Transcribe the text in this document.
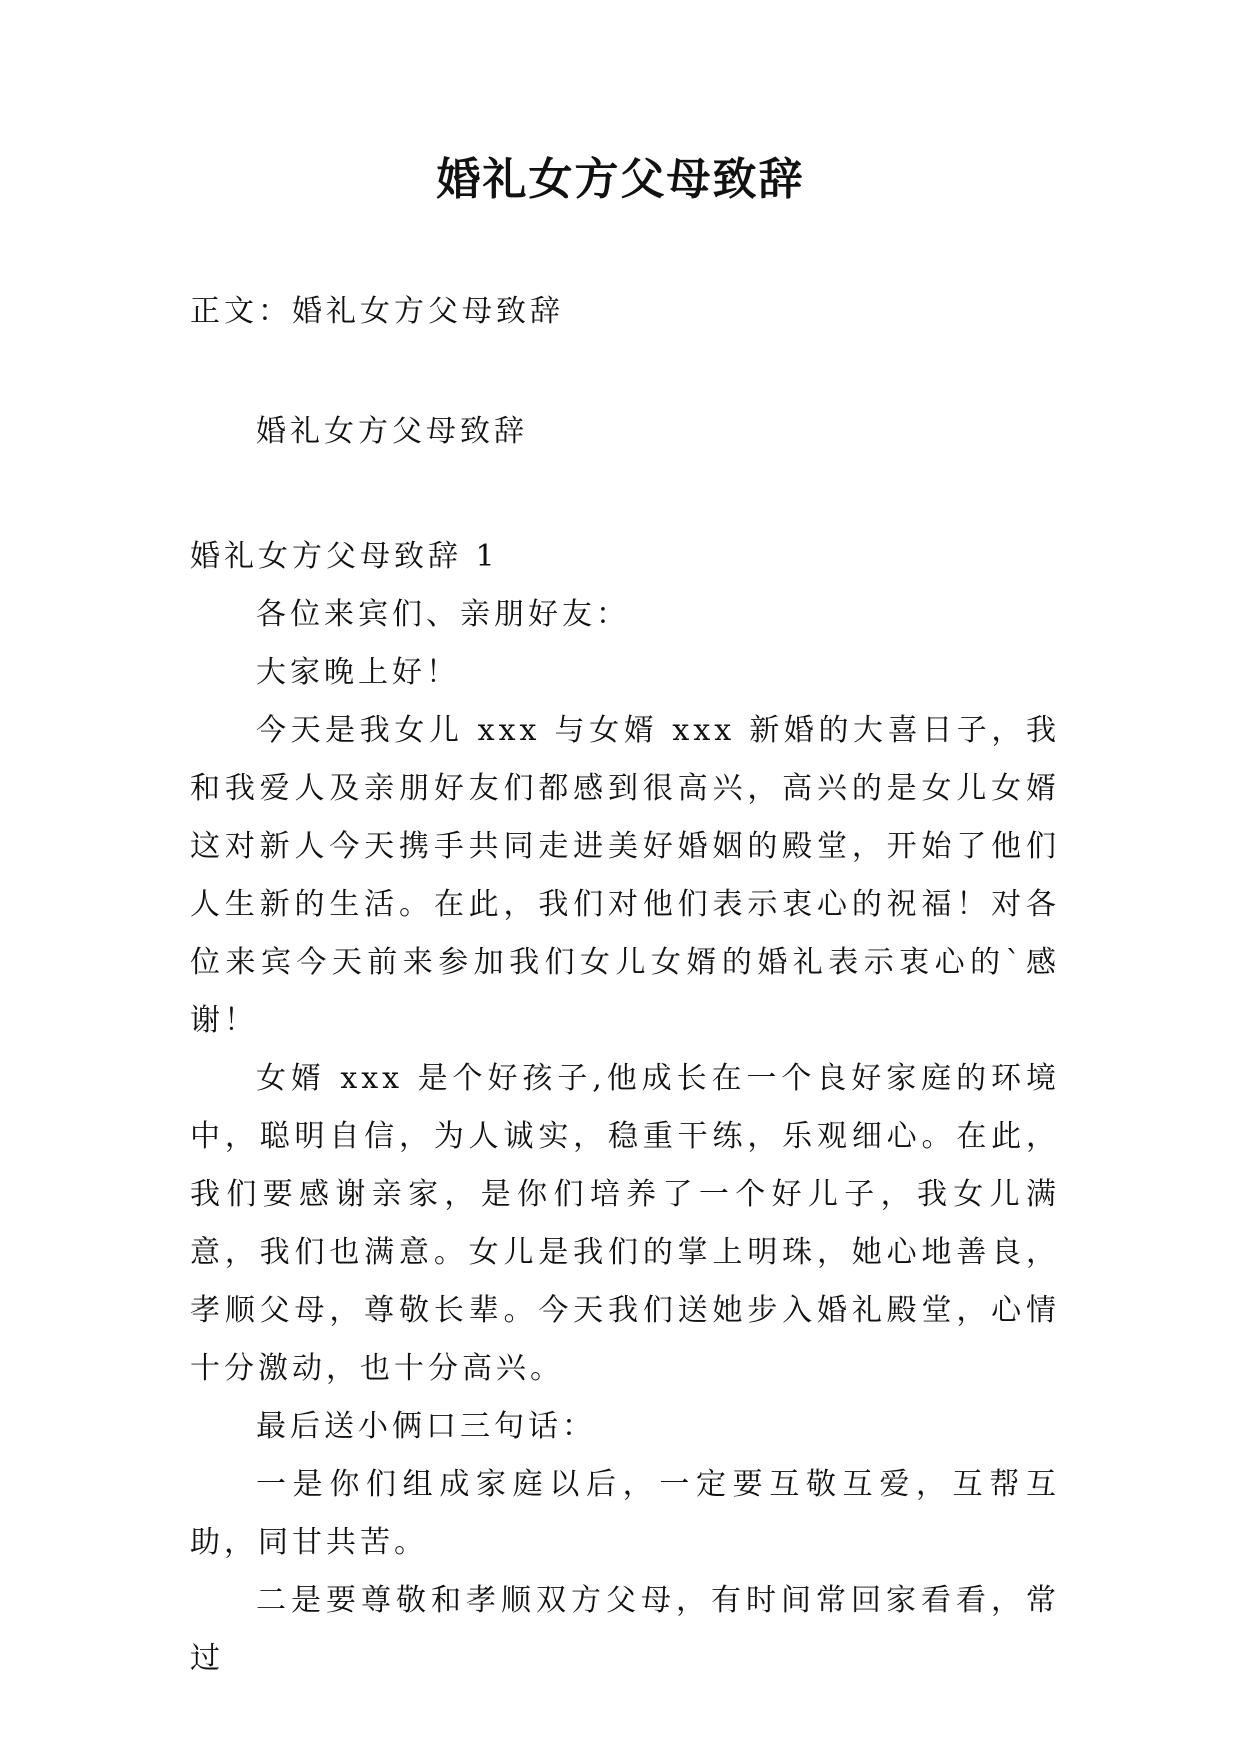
婚礼女方父母致辞
正文：婚礼女方父母致辞
婚礼女方父母致辞

婚礼女方父母致辞 1

各位来宾们、亲朋好友：

大家晚上好！

今天是我女儿 xxx 与女婿 xxx 新婚的大喜日子，我和我爱人及亲朋好友们都感到很高兴，高兴的是女儿女婿这对新人今天携手共同走进美好婚姻的殿堂，开始了他们人生新的生活。在此，我们对他们表示衷心的祝福！对各位来宾今天前来参加我们女儿女婿的婚礼表示衷心的`感谢！

女婿 xxx 是个好孩子,他成长在一个良好家庭的环境中，聪明自信，为人诚实，稳重干练，乐观细心。在此，我们要感谢亲家，是你们培养了一个好儿子，我女儿满意，我们也满意。女儿是我们的掌上明珠，她心地善良，孝顺父母，尊敬长辈。今天我们送她步入婚礼殿堂，心情十分激动，也十分高兴。

最后送小俩口三句话：

一是你们组成家庭以后，一定要互敬互爱，互帮互助，同甘共苦。

二是要尊敬和孝顺双方父母，有时间常回家看看，常过
